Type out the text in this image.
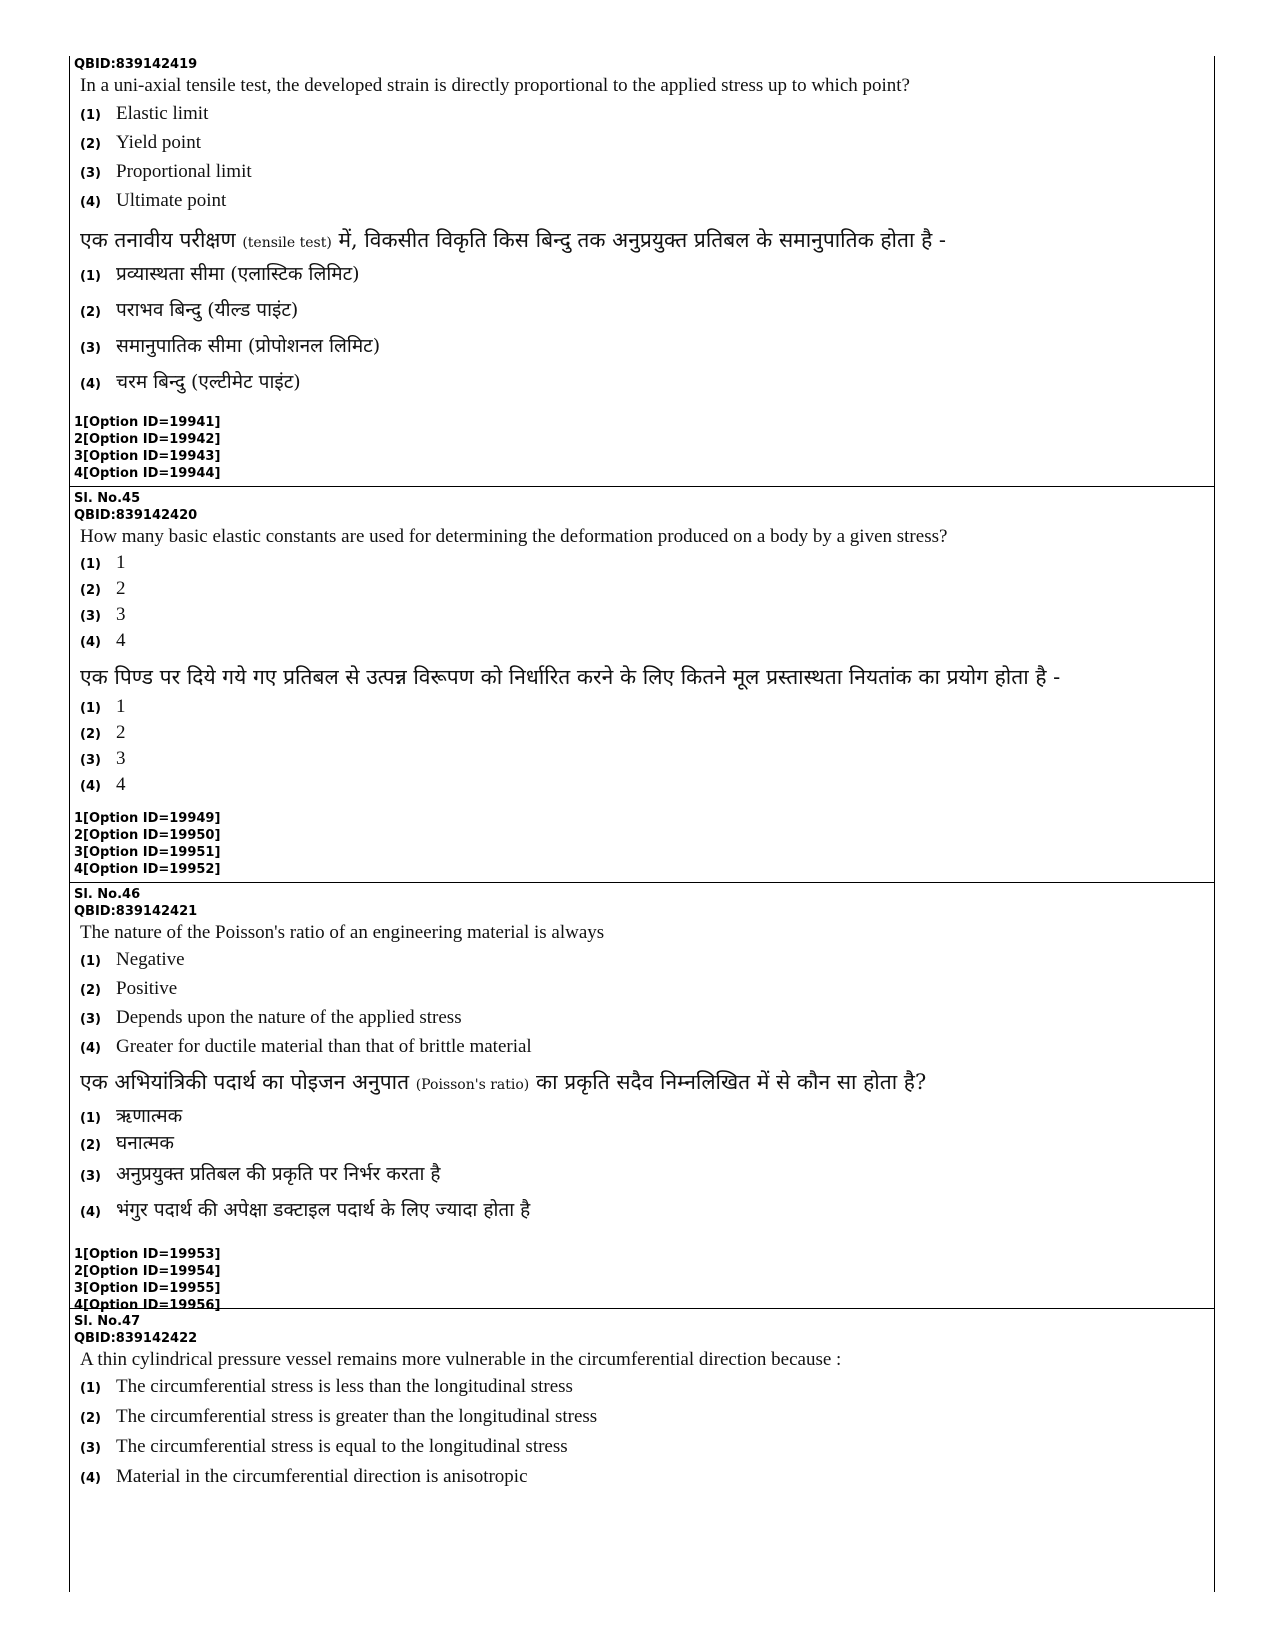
QBID:839142419
In a uni-axial tensile test, the developed strain is directly proportional to the applied stress up to which point?
(1) Elastic limit
(2) Yield point
(3) Proportional limit
(4) Ultimate point
एक तनावीय परीक्षण (tensile test) में, विकसीत विकृति किस बिन्दु तक अनुप्रयुक्त प्रतिबल के समानुपातिक होता है -
(1) प्रव्यास्थता सीमा (एलास्टिक लिमिट)
(2) पराभव बिन्दु (यील्ड पाइंट)
(3) समानुपातिक सीमा (प्रोपोशनल लिमिट)
(4) चरम बिन्दु (एल्टीमेट पाइंट)
1[Option ID=19941]
2[Option ID=19942]
3[Option ID=19943]
4[Option ID=19944]
Sl. No.45
QBID:839142420
How many basic elastic constants are used for determining the deformation produced on a body by a given stress?
(1) 1
(2) 2
(3) 3
(4) 4
एक पिण्ड पर दिये गये गए प्रतिबल से उत्पन्न विरूपण को निर्धारित करने के लिए कितने मूल प्रस्तास्थता नियतांक का प्रयोग होता है -
(1) 1
(2) 2
(3) 3
(4) 4
1[Option ID=19949]
2[Option ID=19950]
3[Option ID=19951]
4[Option ID=19952]
Sl. No.46
QBID:839142421
The nature of the Poisson's ratio of an engineering material is always
(1) Negative
(2) Positive
(3) Depends upon the nature of the applied stress
(4) Greater for ductile material than that of brittle material
एक अभियांत्रिकी पदार्थ का पोइजन अनुपात (Poisson's ratio) का प्रकृति सदैव निम्नलिखित में से कौन सा होता है?
(1) ऋणात्मक
(2) घनात्मक
(3) अनुप्रयुक्त प्रतिबल की प्रकृति पर निर्भर करता है
(4) भंगुर पदार्थ की अपेक्षा डक्टाइल पदार्थ के लिए ज्यादा होता है
1[Option ID=19953]
2[Option ID=19954]
3[Option ID=19955]
4[Option ID=19956]
Sl. No.47
QBID:839142422
A thin cylindrical pressure vessel remains more vulnerable in the circumferential direction because :
(1) The circumferential stress is less than the longitudinal stress
(2) The circumferential stress is greater than the longitudinal stress
(3) The circumferential stress is equal to the longitudinal stress
(4) Material in the circumferential direction is anisotropic
